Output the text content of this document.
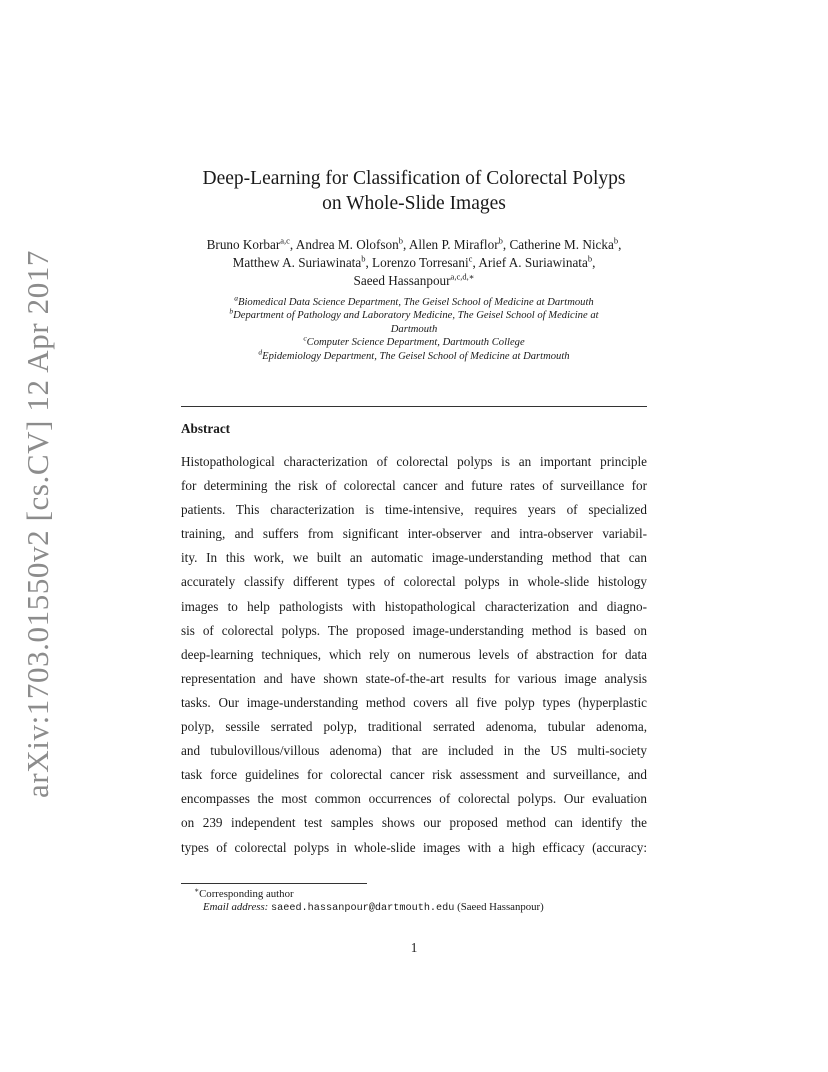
arXiv:1703.01550v2 [cs.CV] 12 Apr 2017
Deep-Learning for Classification of Colorectal Polyps
on Whole-Slide Images
Bruno Korbar$^{a,c}$, Andrea M. Olofson$^b$, Allen P. Miraflor$^b$, Catherine M. Nicka$^b$,
Matthew A. Suriawinata$^b$, Lorenzo Torresani$^c$, Arief A. Suriawinata$^b$,
Saeed Hassanpour$^{a,c,d,∗}$
$^a$Biomedical Data Science Department, The Geisel School of Medicine at Dartmouth
$^b$Department of Pathology and Laboratory Medicine, The Geisel School of Medicine at
Dartmouth
$^c$Computer Science Department, Dartmouth College
$^d$Epidemiology Department, The Geisel School of Medicine at Dartmouth
Abstract
Histopathological characterization of colorectal polyps is an important principle
for determining the risk of colorectal cancer and future rates of surveillance for
patients. This characterization is time-intensive, requires years of specialized
training, and suffers from significant inter-observer and intra-observer variabil-
ity. In this work, we built an automatic image-understanding method that can
accurately classify different types of colorectal polyps in whole-slide histology
images to help pathologists with histopathological characterization and diagno-
sis of colorectal polyps. The proposed image-understanding method is based on
deep-learning techniques, which rely on numerous levels of abstraction for data
representation and have shown state-of-the-art results for various image analysis
tasks. Our image-understanding method covers all five polyp types (hyperplastic
polyp, sessile serrated polyp, traditional serrated adenoma, tubular adenoma,
and tubulovillous/villous adenoma) that are included in the US multi-society
task force guidelines for colorectal cancer risk assessment and surveillance, and
encompasses the most common occurrences of colorectal polyps. Our evaluation
on 239 independent test samples shows our proposed method can identify the
types of colorectal polyps in whole-slide images with a high efficacy (accuracy:
∗Corresponding author
Email address: saeed.hassanpour@dartmouth.edu (Saeed Hassanpour)
1
